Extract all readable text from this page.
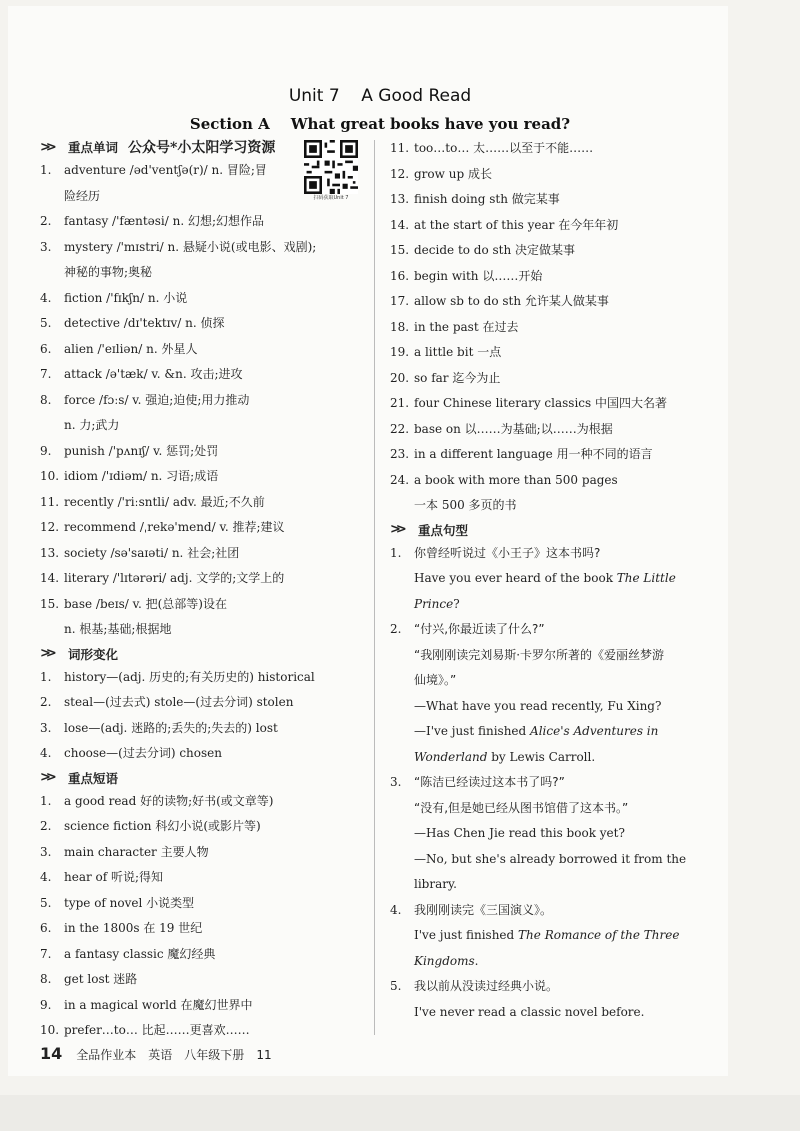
Unit 7    A Good Read
Section A    What great books have you read?
扫码获取Unit 7
>>	重点单词 公众号*小太阳学习资源
1.	adventure /əd'ventʃə(r)/ n. 冒险;冒
险经历
2.	fantasy /'fæntəsi/ n. 幻想;幻想作品
3.	mystery /'mɪstri/ n. 悬疑小说(或电影、戏剧);
神秘的事物;奥秘
4.	fiction /'fɪkʃn/ n. 小说
5.	detective /dɪ'tektɪv/ n. 侦探
6.	alien /'eɪliən/ n. 外星人
7.	attack /ə'tæk/ v. &n. 攻击;进攻
8.	force /fɔːs/ v. 强迫;迫使;用力推动
n. 力;武力
9.	punish /'pʌnɪʃ/ v. 惩罚;处罚
10. idiom /'ɪdiəm/ n. 习语;成语
11. recently /'riːsntli/ adv. 最近;不久前
12. recommend /ˌrekə'mend/ v. 推荐;建议
13. society /sə'saɪəti/ n. 社会;社团
14. literary /'lɪtərəri/ adj. 文学的;文学上的
15. base /beɪs/ v. 把(总部等)设在
n. 根基;基础;根据地
>>	词形变化
1.	history—(adj. 历史的;有关历史的) historical
2.	steal—(过去式) stole—(过去分词) stolen
3.	lose—(adj. 迷路的;丢失的;失去的) lost
4.	choose—(过去分词) chosen
>>	重点短语
1.	a good read 好的读物;好书(或文章等)
2.	science fiction 科幻小说(或影片等)
3.	main character 主要人物
4.	hear of 听说;得知
5.	type of novel 小说类型
6.	in the 1800s 在 19 世纪
7.	a fantasy classic 魔幻经典
8.	get lost 迷路
9.	in a magical world 在魔幻世界中
10. prefer…to… 比起……更喜欢……
11. too…to… 太……以至于不能……
12. grow up 成长
13. finish doing sth 做完某事
14. at the start of this year 在今年年初
15. decide to do sth 决定做某事
16. begin with 以……开始
17. allow sb to do sth 允许某人做某事
18. in the past 在过去
19. a little bit 一点
20. so far 迄今为止
21. four Chinese literary classics 中国四大名著
22. base on 以……为基础;以……为根据
23. in a different language 用一种不同的语言
24. a book with more than 500 pages
一本 500 多页的书
>>	重点句型
1.	你曾经听说过《小王子》这本书吗?
Have you ever heard of the book The Little
Prince?
2.	“付兴,你最近读了什么?”
“我刚刚读完刘易斯·卡罗尔所著的《爱丽丝梦游
仙境》。”
—What have you read recently, Fu Xing?
—I've just finished Alice's Adventures in
Wonderland by Lewis Carroll.
3.	“陈洁已经读过这本书了吗?”
“没有,但是她已经从图书馆借了这本书。”
—Has Chen Jie read this book yet?
—No, but she's already borrowed it from the
library.
4.	我刚刚读完《三国演义》。
I've just finished The Romance of the Three
Kingdoms.
5.	我以前从没读过经典小说。
I've never read a classic novel before.
14 全品作业本 英语 八年级下册 11
